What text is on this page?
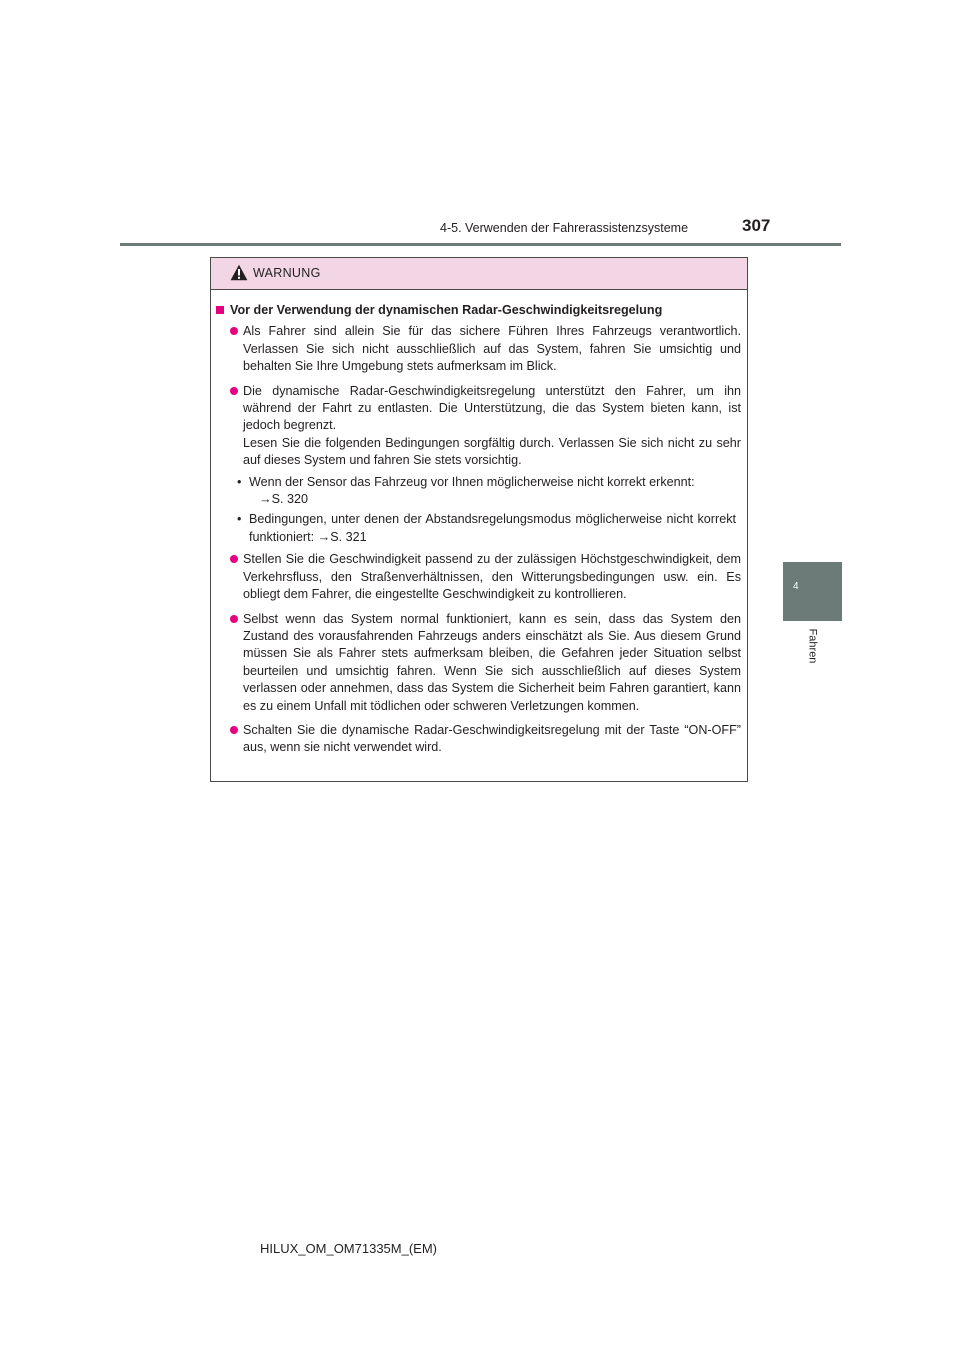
4-5. Verwenden der Fahrerassistenzsysteme	307
4
Fahren
WARNUNG
Vor der Verwendung der dynamischen Radar-Geschwindigkeitsregelung
Als Fahrer sind allein Sie für das sichere Führen Ihres Fahrzeugs verantwortlich. Verlassen Sie sich nicht ausschließlich auf das System, fahren Sie umsichtig und behalten Sie Ihre Umgebung stets aufmerksam im Blick.
Die dynamische Radar-Geschwindigkeitsregelung unterstützt den Fahrer, um ihn während der Fahrt zu entlasten. Die Unterstützung, die das System bieten kann, ist jedoch begrenzt.
Lesen Sie die folgenden Bedingungen sorgfältig durch. Verlassen Sie sich nicht zu sehr auf dieses System und fahren Sie stets vorsichtig.
• Wenn der Sensor das Fahrzeug vor Ihnen möglicherweise nicht korrekt erkennt:
→S. 320
• Bedingungen, unter denen der Abstandsregelungsmodus möglicherweise nicht korrekt funktioniert: →S. 321
Stellen Sie die Geschwindigkeit passend zu der zulässigen Höchstgeschwindigkeit, dem Verkehrsfluss, den Straßenverhältnissen, den Witterungsbedingungen usw. ein. Es obliegt dem Fahrer, die eingestellte Geschwindigkeit zu kontrollieren.
Selbst wenn das System normal funktioniert, kann es sein, dass das System den Zustand des vorausfahrenden Fahrzeugs anders einschätzt als Sie. Aus diesem Grund müssen Sie als Fahrer stets aufmerksam bleiben, die Gefahren jeder Situation selbst beurteilen und umsichtig fahren. Wenn Sie sich ausschließlich auf dieses System verlassen oder annehmen, dass das System die Sicherheit beim Fahren garantiert, kann es zu einem Unfall mit tödlichen oder schweren Verletzungen kommen.
Schalten Sie die dynamische Radar-Geschwindigkeitsregelung mit der Taste “ON-OFF” aus, wenn sie nicht verwendet wird.
HILUX_OM_OM71335M_(EM)
